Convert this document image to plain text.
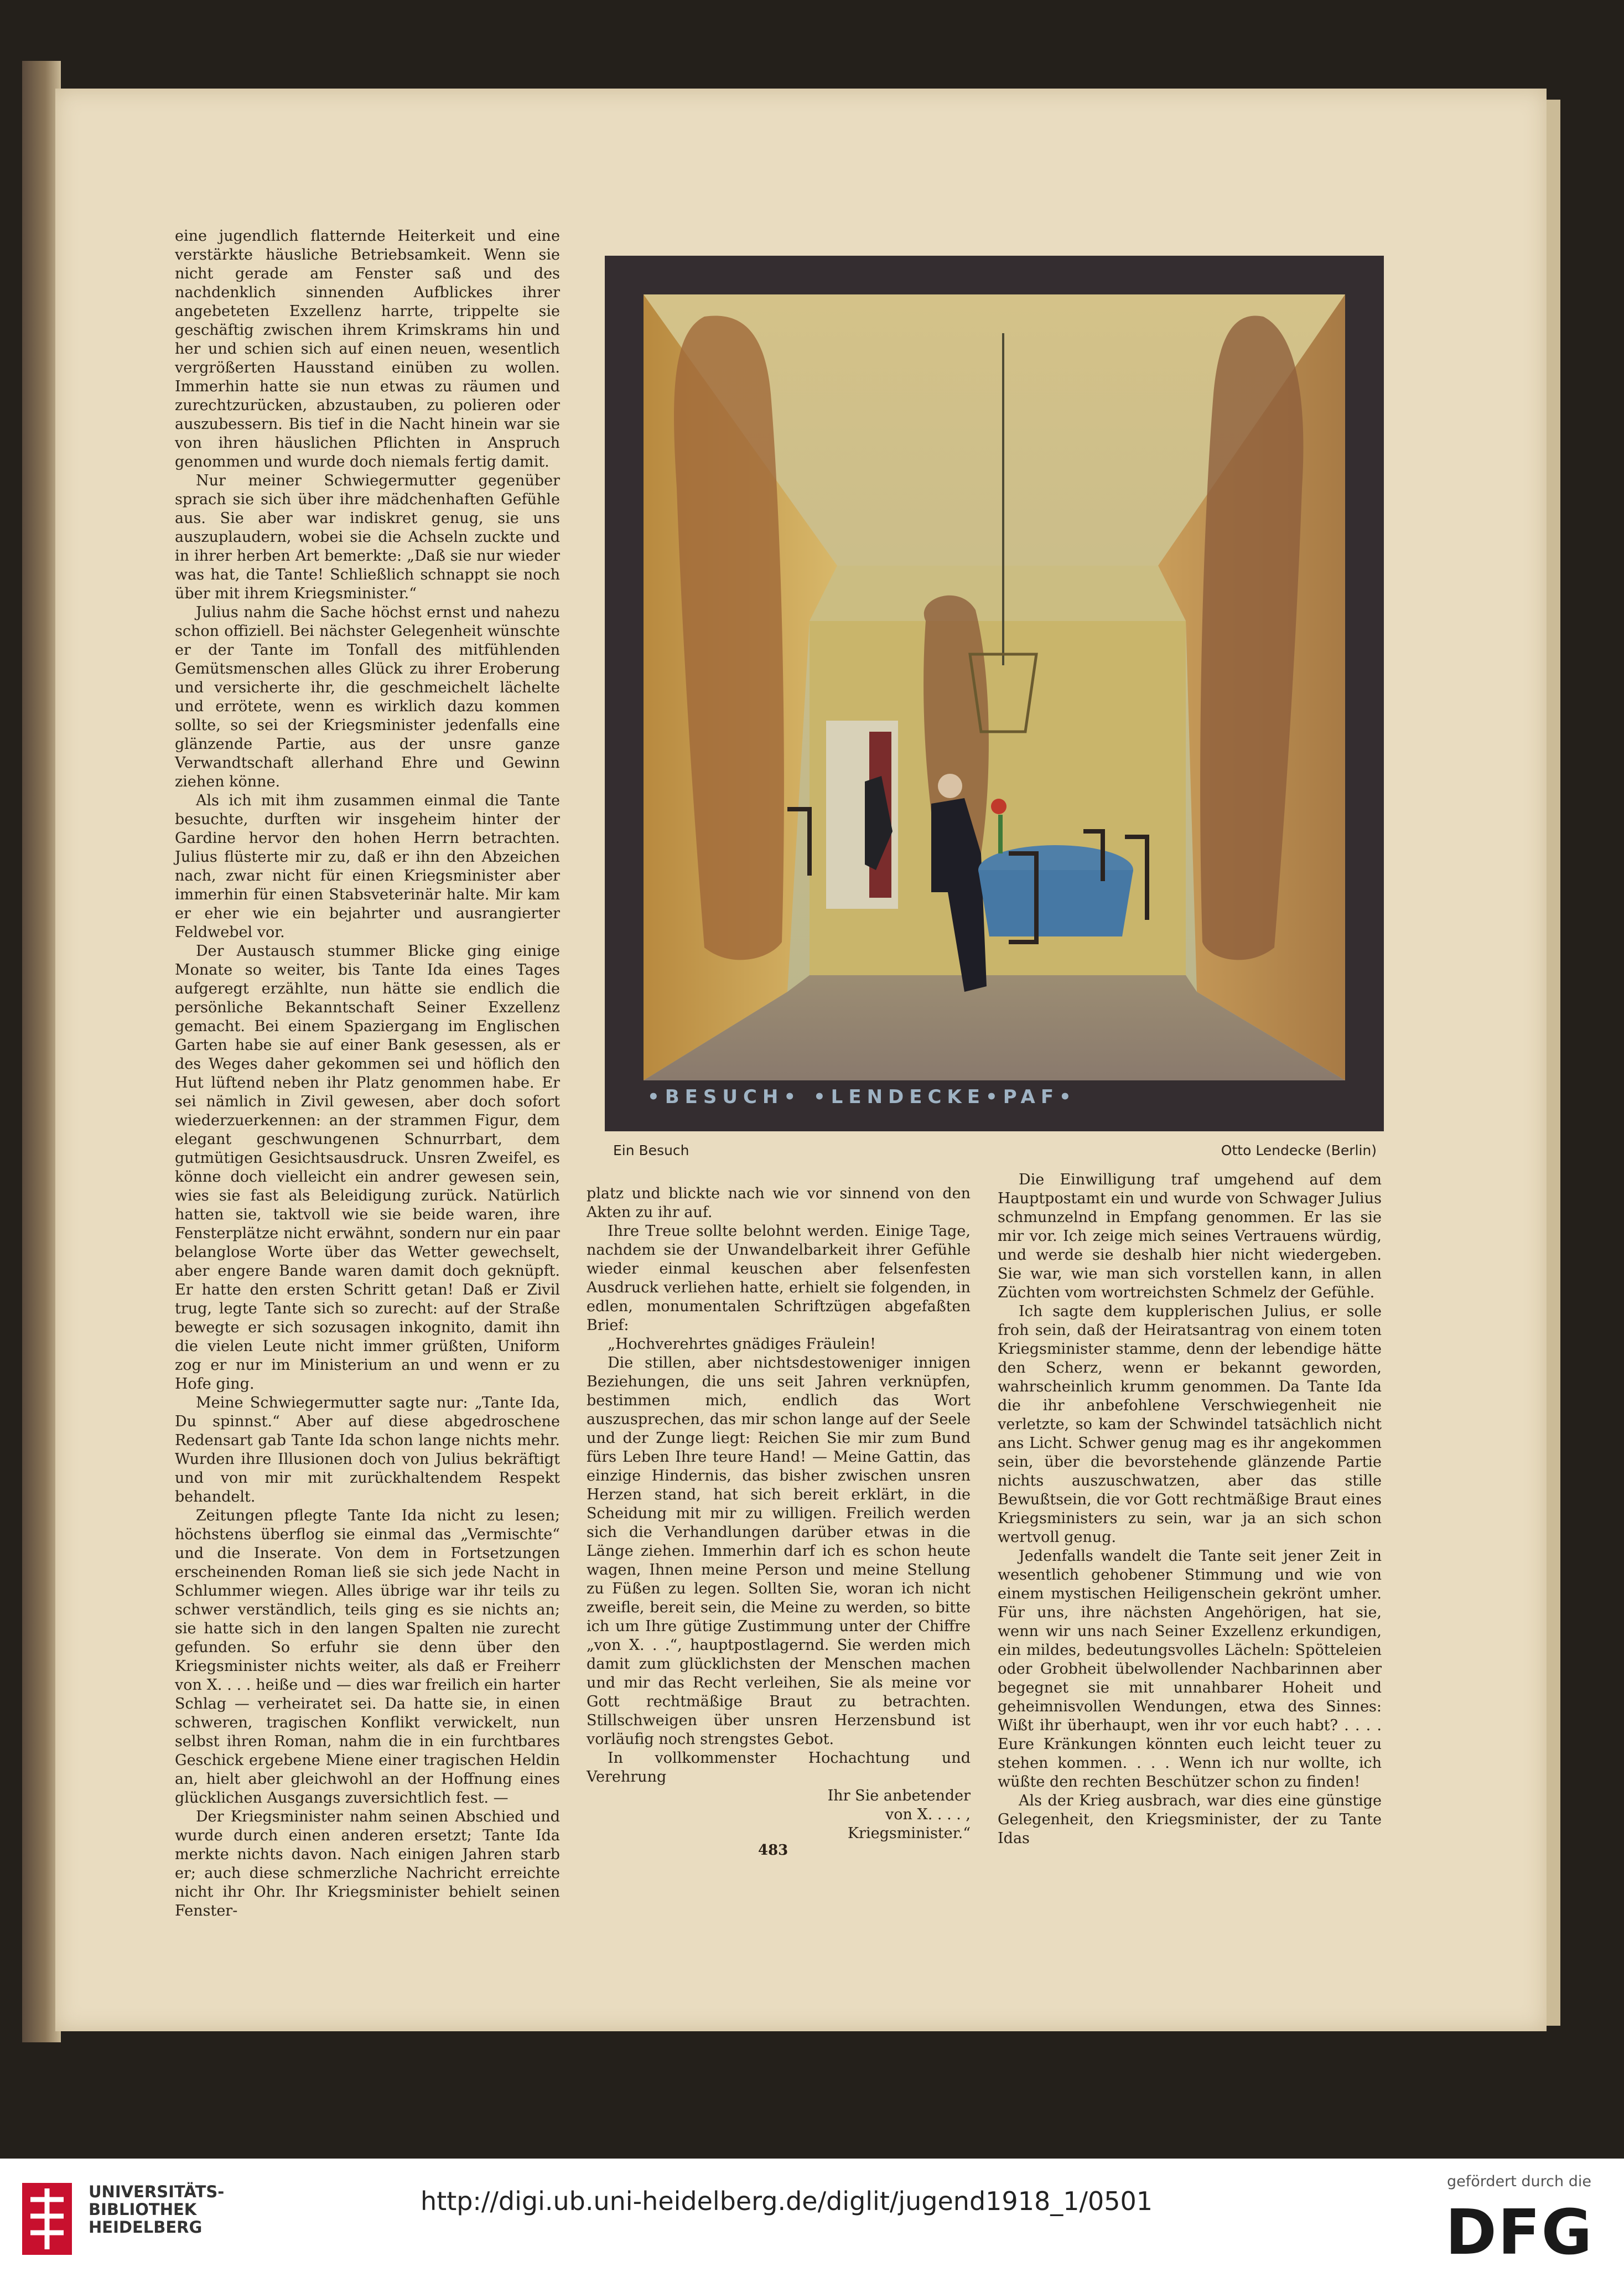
eine jugendlich flatternde Heiterkeit und eine verstärkte häusliche Betriebsamkeit. Wenn sie nicht gerade am Fenster saß und des nachdenklich sinnenden Aufblickes ihrer angebeteten Exzellenz harrte, trippelte sie geschäftig zwischen ihrem Krimskrams hin und her und schien sich auf einen neuen, wesentlich vergrößerten Hausstand einüben zu wollen. Immerhin hatte sie nun etwas zu räumen und zurechtzurücken, abzustauben, zu polieren oder auszubessern. Bis tief in die Nacht hinein war sie von ihren häuslichen Pflichten in Anspruch genommen und wurde doch niemals fertig damit.

Nur meiner Schwiegermutter gegenüber sprach sie sich über ihre mädchenhaften Gefühle aus. Sie aber war indiskret genug, sie uns auszuplaudern, wobei sie die Achseln zuckte und in ihrer herben Art bemerkte: „Daß sie nur wieder was hat, die Tante! Schließlich schnappt sie noch über mit ihrem Kriegsminister.“

Julius nahm die Sache höchst ernst und nahezu schon offiziell. Bei nächster Gelegenheit wünschte er der Tante im Tonfall des mitfühlenden Gemütsmenschen alles Glück zu ihrer Eroberung und versicherte ihr, die geschmeichelt lächelte und errötete, wenn es wirklich dazu kommen sollte, so sei der Kriegsminister jedenfalls eine glänzende Partie, aus der unsre ganze Verwandtschaft allerhand Ehre und Gewinn ziehen könne.

Als ich mit ihm zusammen einmal die Tante besuchte, durften wir insgeheim hinter der Gardine hervor den hohen Herrn betrachten. Julius flüsterte mir zu, daß er ihn den Abzeichen nach, zwar nicht für einen Kriegsminister aber immerhin für einen Stabsveterinär halte. Mir kam er eher wie ein bejahrter und ausrangierter Feldwebel vor.

Der Austausch stummer Blicke ging einige Monate so weiter, bis Tante Ida eines Tages aufgeregt erzählte, nun hätte sie endlich die persönliche Bekanntschaft Seiner Exzellenz gemacht. Bei einem Spaziergang im Englischen Garten habe sie auf einer Bank gesessen, als er des Weges daher gekommen sei und höflich den Hut lüftend neben ihr Platz genommen habe. Er sei nämlich in Zivil gewesen, aber doch sofort wiederzuerkennen: an der strammen Figur, dem elegant geschwungenen Schnurrbart, dem gutmütigen Gesichtsausdruck. Unsren Zweifel, es könne doch vielleicht ein andrer gewesen sein, wies sie fast als Beleidigung zurück. Natürlich hatten sie, taktvoll wie sie beide waren, ihre Fensterplätze nicht erwähnt, sondern nur ein paar belanglose Worte über das Wetter gewechselt, aber engere Bande waren damit doch geknüpft. Er hatte den ersten Schritt getan! Daß er Zivil trug, legte Tante sich so zurecht: auf der Straße bewegte er sich sozusagen inkognito, damit ihn die vielen Leute nicht immer grüßten, Uniform zog er nur im Ministerium an und wenn er zu Hofe ging.

Meine Schwiegermutter sagte nur: „Tante Ida, Du spinnst.“ Aber auf diese abgedroschene Redensart gab Tante Ida schon lange nichts mehr. Wurden ihre Illusionen doch von Julius bekräftigt und von mir mit zurückhaltendem Respekt behandelt.

Zeitungen pflegte Tante Ida nicht zu lesen; höchstens überflog sie einmal das „Vermischte“ und die Inserate. Von dem in Fortsetzungen erscheinenden Roman ließ sie sich jede Nacht in Schlummer wiegen. Alles übrige war ihr teils zu schwer verständlich, teils ging es sie nichts an; sie hatte sich in den langen Spalten nie zurecht gefunden. So erfuhr sie denn über den Kriegsminister nichts weiter, als daß er Freiherr von X. . . . heiße und — dies war freilich ein harter Schlag — verheiratet sei. Da hatte sie, in einen schweren, tragischen Konflikt verwickelt, nun selbst ihren Roman, nahm die in ein furchtbares Geschick ergebene Miene einer tragischen Heldin an, hielt aber gleichwohl an der Hoffnung eines glücklichen Ausgangs zuversichtlich fest. —

Der Kriegsminister nahm seinen Abschied und wurde durch einen anderen ersetzt; Tante Ida merkte nichts davon. Nach einigen Jahren starb er; auch diese schmerzliche Nachricht erreichte nicht ihr Ohr. Ihr Kriegsminister behielt seinen Fenster-

•BESUCH• •LENDECKE•PAF•
Ein Besuch	Otto Lendecke (Berlin)

platz und blickte nach wie vor sinnend von den Akten zu ihr auf.

Ihre Treue sollte belohnt werden. Einige Tage, nachdem sie der Unwandelbarkeit ihrer Gefühle wieder einmal keuschen aber felsenfesten Ausdruck verliehen hatte, erhielt sie folgenden, in edlen, monumentalen Schriftzügen abgefaßten Brief:

„Hochverehrtes gnädiges Fräulein!

Die stillen, aber nichtsdestoweniger innigen Beziehungen, die uns seit Jahren verknüpfen, bestimmen mich, endlich das Wort auszusprechen, das mir schon lange auf der Seele und der Zunge liegt: Reichen Sie mir zum Bund fürs Leben Ihre teure Hand! — Meine Gattin, das einzige Hindernis, das bisher zwischen unsren Herzen stand, hat sich bereit erklärt, in die Scheidung mit mir zu willigen. Freilich werden sich die Verhandlungen darüber etwas in die Länge ziehen. Immerhin darf ich es schon heute wagen, Ihnen meine Person und meine Stellung zu Füßen zu legen. Sollten Sie, woran ich nicht zweifle, bereit sein, die Meine zu werden, so bitte ich um Ihre gütige Zustimmung unter der Chiffre „von X. . .“, hauptpostlagernd. Sie werden mich damit zum glücklichsten der Menschen machen und mir das Recht verleihen, Sie als meine vor Gott rechtmäßige Braut zu betrachten. Stillschweigen über unsren Herzensbund ist vorläufig noch strengstes Gebot.

In vollkommenster Hochachtung und Verehrung

Ihr Sie anbetender

von X. . . . ,

Kriegsminister.“

Die Einwilligung traf umgehend auf dem Hauptpostamt ein und wurde von Schwager Julius schmunzelnd in Empfang genommen. Er las sie mir vor. Ich zeige mich seines Vertrauens würdig, und werde sie deshalb hier nicht wiedergeben. Sie war, wie man sich vorstellen kann, in allen Züchten vom wortreichsten Schmelz der Gefühle.

Ich sagte dem kupplerischen Julius, er solle froh sein, daß der Heiratsantrag von einem toten Kriegsminister stamme, denn der lebendige hätte den Scherz, wenn er bekannt geworden, wahrscheinlich krumm genommen. Da Tante Ida die ihr anbefohlene Verschwiegenheit nie verletzte, so kam der Schwindel tatsächlich nicht ans Licht. Schwer genug mag es ihr angekommen sein, über die bevorstehende glänzende Partie nichts auszuschwatzen, aber das stille Bewußtsein, die vor Gott rechtmäßige Braut eines Kriegsministers zu sein, war ja an sich schon wertvoll genug.

Jedenfalls wandelt die Tante seit jener Zeit in wesentlich gehobener Stimmung und wie von einem mystischen Heiligenschein gekrönt umher. Für uns, ihre nächsten Angehörigen, hat sie, wenn wir uns nach Seiner Exzellenz erkundigen, ein mildes, bedeutungsvolles Lächeln: Spötteleien oder Grobheit übelwollender Nachbarinnen aber begegnet sie mit unnahbarer Hoheit und geheimnisvollen Wendungen, etwa des Sinnes: Wißt ihr überhaupt, wen ihr vor euch habt? . . . . Eure Kränkungen könnten euch leicht teuer zu stehen kommen. . . . Wenn ich nur wollte, ich wüßte den rechten Beschützer schon zu finden!

Als der Krieg ausbrach, war dies eine günstige Gelegenheit, den Kriegsminister, der zu Tante Idas

483
UNIVERSITÄTS-
BIBLIOTHEK
HEIDELBERG
http://digi.ub.uni-heidelberg.de/diglit/jugend1918_1/0501
gefördert durch die
DFG
